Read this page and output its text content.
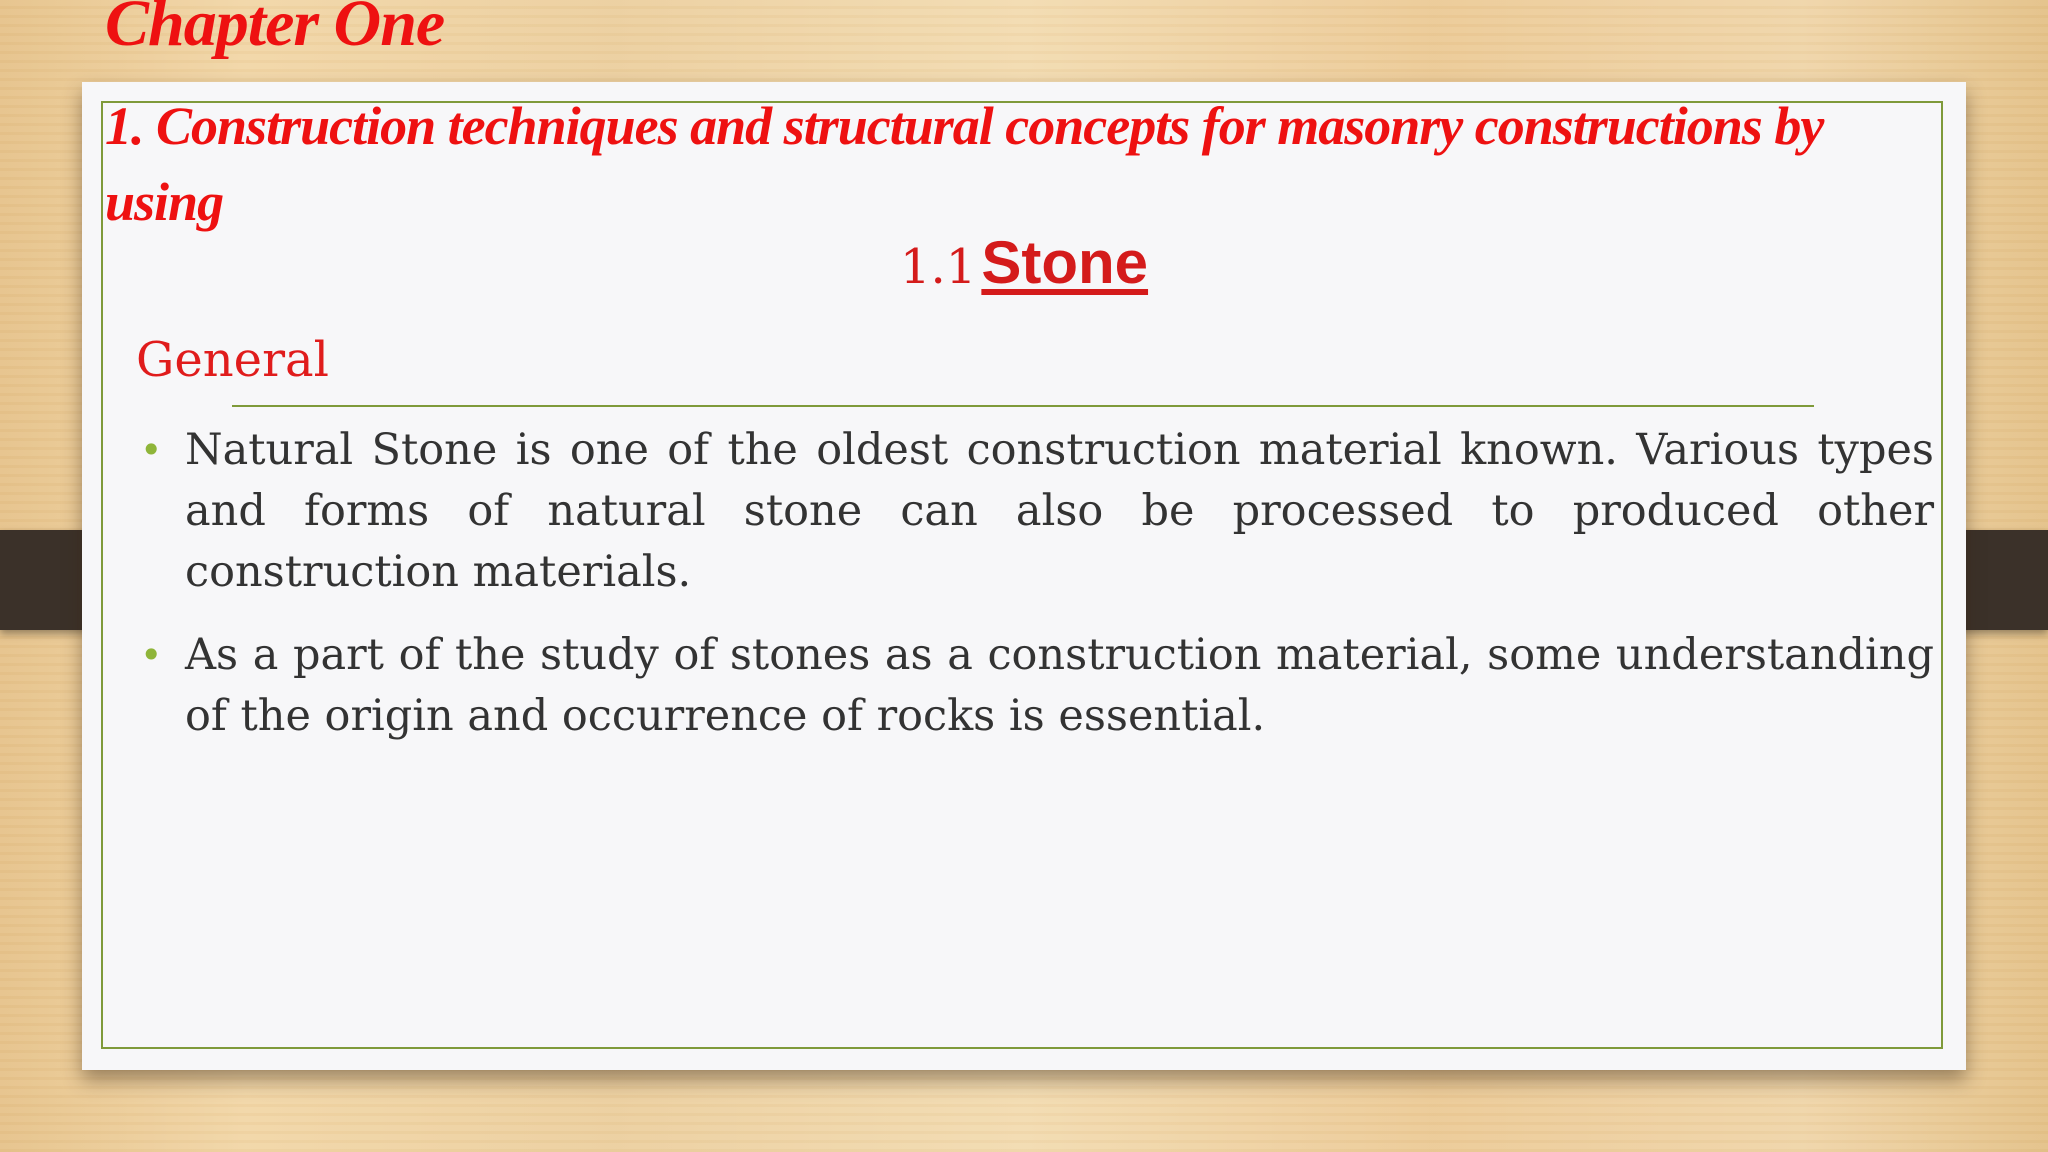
Chapter One
1. Construction techniques and structural concepts for masonry constructions by using
1.1 Stone
General
• Natural Stone is one of the oldest construction material known. Various types and forms of natural stone can also be processed to produced other construction materials.
• As a part of the study of stones as a construction material, some understanding of the origin and occurrence of rocks is essential.
